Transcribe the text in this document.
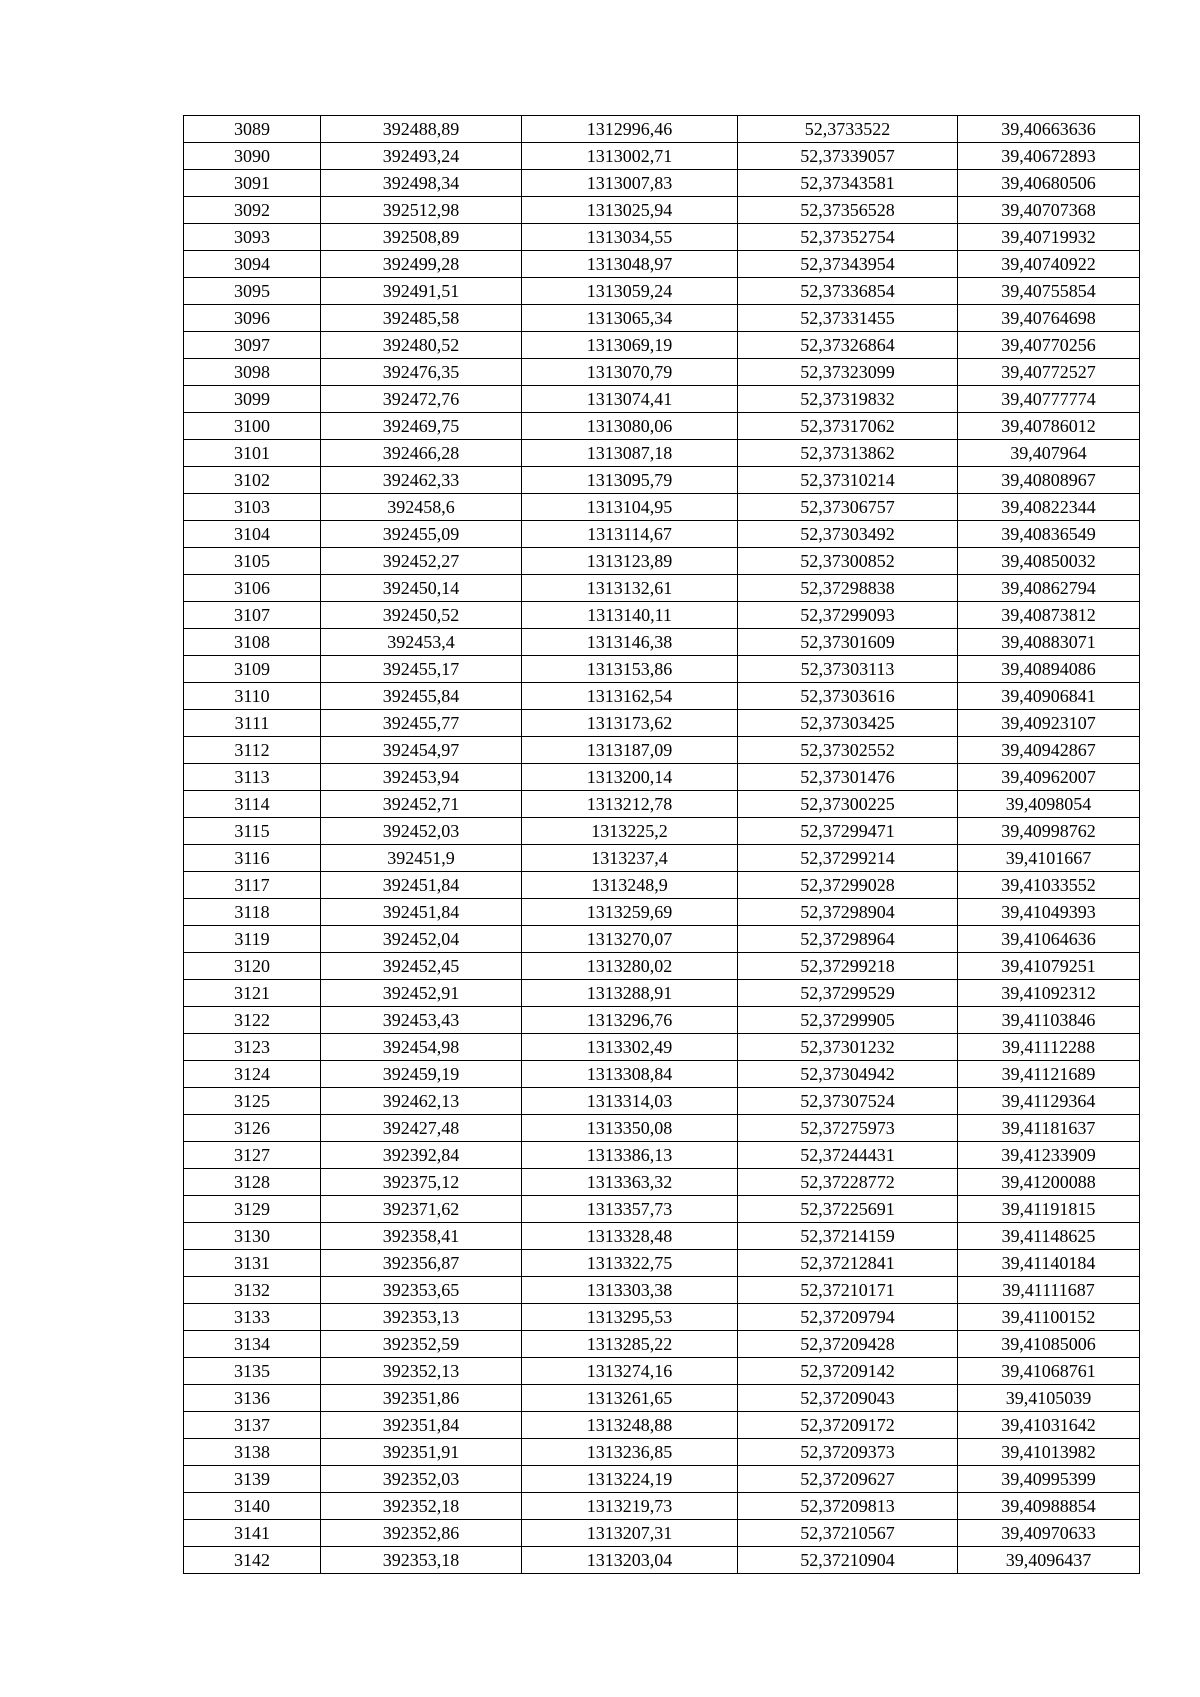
3089	392488,89	1312996,46	52,3733522	39,40663636
3090	392493,24	1313002,71	52,37339057	39,40672893
3091	392498,34	1313007,83	52,37343581	39,40680506
3092	392512,98	1313025,94	52,37356528	39,40707368
3093	392508,89	1313034,55	52,37352754	39,40719932
3094	392499,28	1313048,97	52,37343954	39,40740922
3095	392491,51	1313059,24	52,37336854	39,40755854
3096	392485,58	1313065,34	52,37331455	39,40764698
3097	392480,52	1313069,19	52,37326864	39,40770256
3098	392476,35	1313070,79	52,37323099	39,40772527
3099	392472,76	1313074,41	52,37319832	39,40777774
3100	392469,75	1313080,06	52,37317062	39,40786012
3101	392466,28	1313087,18	52,37313862	39,407964
3102	392462,33	1313095,79	52,37310214	39,40808967
3103	392458,6	1313104,95	52,37306757	39,40822344
3104	392455,09	1313114,67	52,37303492	39,40836549
3105	392452,27	1313123,89	52,37300852	39,40850032
3106	392450,14	1313132,61	52,37298838	39,40862794
3107	392450,52	1313140,11	52,37299093	39,40873812
3108	392453,4	1313146,38	52,37301609	39,40883071
3109	392455,17	1313153,86	52,37303113	39,40894086
3110	392455,84	1313162,54	52,37303616	39,40906841
3111	392455,77	1313173,62	52,37303425	39,40923107
3112	392454,97	1313187,09	52,37302552	39,40942867
3113	392453,94	1313200,14	52,37301476	39,40962007
3114	392452,71	1313212,78	52,37300225	39,4098054
3115	392452,03	1313225,2	52,37299471	39,40998762
3116	392451,9	1313237,4	52,37299214	39,4101667
3117	392451,84	1313248,9	52,37299028	39,41033552
3118	392451,84	1313259,69	52,37298904	39,41049393
3119	392452,04	1313270,07	52,37298964	39,41064636
3120	392452,45	1313280,02	52,37299218	39,41079251
3121	392452,91	1313288,91	52,37299529	39,41092312
3122	392453,43	1313296,76	52,37299905	39,41103846
3123	392454,98	1313302,49	52,37301232	39,41112288
3124	392459,19	1313308,84	52,37304942	39,41121689
3125	392462,13	1313314,03	52,37307524	39,41129364
3126	392427,48	1313350,08	52,37275973	39,41181637
3127	392392,84	1313386,13	52,37244431	39,41233909
3128	392375,12	1313363,32	52,37228772	39,41200088
3129	392371,62	1313357,73	52,37225691	39,41191815
3130	392358,41	1313328,48	52,37214159	39,41148625
3131	392356,87	1313322,75	52,37212841	39,41140184
3132	392353,65	1313303,38	52,37210171	39,41111687
3133	392353,13	1313295,53	52,37209794	39,41100152
3134	392352,59	1313285,22	52,37209428	39,41085006
3135	392352,13	1313274,16	52,37209142	39,41068761
3136	392351,86	1313261,65	52,37209043	39,4105039
3137	392351,84	1313248,88	52,37209172	39,41031642
3138	392351,91	1313236,85	52,37209373	39,41013982
3139	392352,03	1313224,19	52,37209627	39,40995399
3140	392352,18	1313219,73	52,37209813	39,40988854
3141	392352,86	1313207,31	52,37210567	39,40970633
3142	392353,18	1313203,04	52,37210904	39,4096437
